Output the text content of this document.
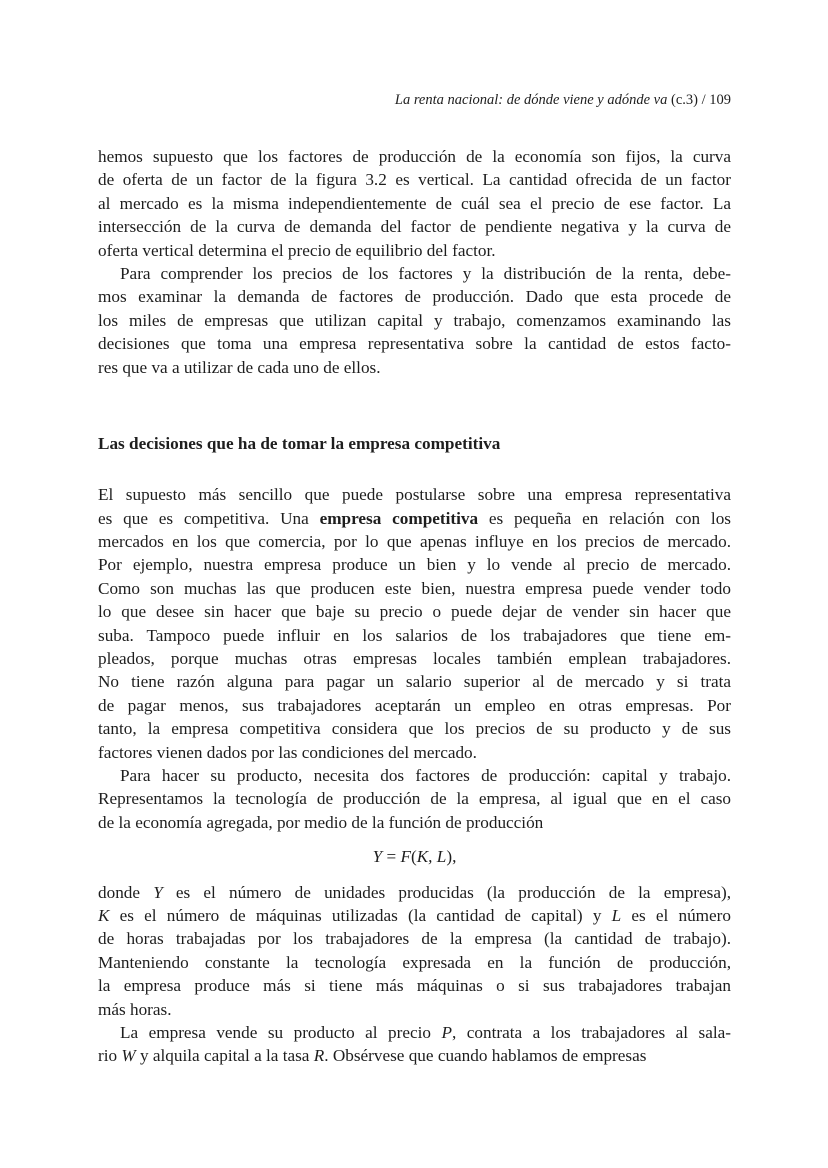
La renta nacional: de dónde viene y adónde va (c.3) / 109
hemos supuesto que los factores de producción de la economía son fijos, la curva
de oferta de un factor de la figura 3.2 es vertical. La cantidad ofrecida de un factor
al mercado es la misma independientemente de cuál sea el precio de ese factor. La
intersección de la curva de demanda del factor de pendiente negativa y la curva de
oferta vertical determina el precio de equilibrio del factor.
Para comprender los precios de los factores y la distribución de la renta, debe-
mos examinar la demanda de factores de producción. Dado que esta procede de
los miles de empresas que utilizan capital y trabajo, comenzamos examinando las
decisiones que toma una empresa representativa sobre la cantidad de estos facto-
res que va a utilizar de cada uno de ellos.
Las decisiones que ha de tomar la empresa competitiva
El supuesto más sencillo que puede postularse sobre una empresa representativa
es que es competitiva. Una empresa competitiva es pequeña en relación con los
mercados en los que comercia, por lo que apenas influye en los precios de mercado.
Por ejemplo, nuestra empresa produce un bien y lo vende al precio de mercado.
Como son muchas las que producen este bien, nuestra empresa puede vender todo
lo que desee sin hacer que baje su precio o puede dejar de vender sin hacer que
suba. Tampoco puede influir en los salarios de los trabajadores que tiene em-
pleados, porque muchas otras empresas locales también emplean trabajadores.
No tiene razón alguna para pagar un salario superior al de mercado y si trata
de pagar menos, sus trabajadores aceptarán un empleo en otras empresas. Por
tanto, la empresa competitiva considera que los precios de su producto y de sus
factores vienen dados por las condiciones del mercado.
Para hacer su producto, necesita dos factores de producción: capital y trabajo.
Representamos la tecnología de producción de la empresa, al igual que en el caso
de la economía agregada, por medio de la función de producción
Y = F(K, L),
donde Y es el número de unidades producidas (la producción de la empresa),
K es el número de máquinas utilizadas (la cantidad de capital) y L es el número
de horas trabajadas por los trabajadores de la empresa (la cantidad de trabajo).
Manteniendo constante la tecnología expresada en la función de producción,
la empresa produce más si tiene más máquinas o si sus trabajadores trabajan
más horas.
La empresa vende su producto al precio P, contrata a los trabajadores al sala-
rio W y alquila capital a la tasa R. Obsérvese que cuando hablamos de empresas
